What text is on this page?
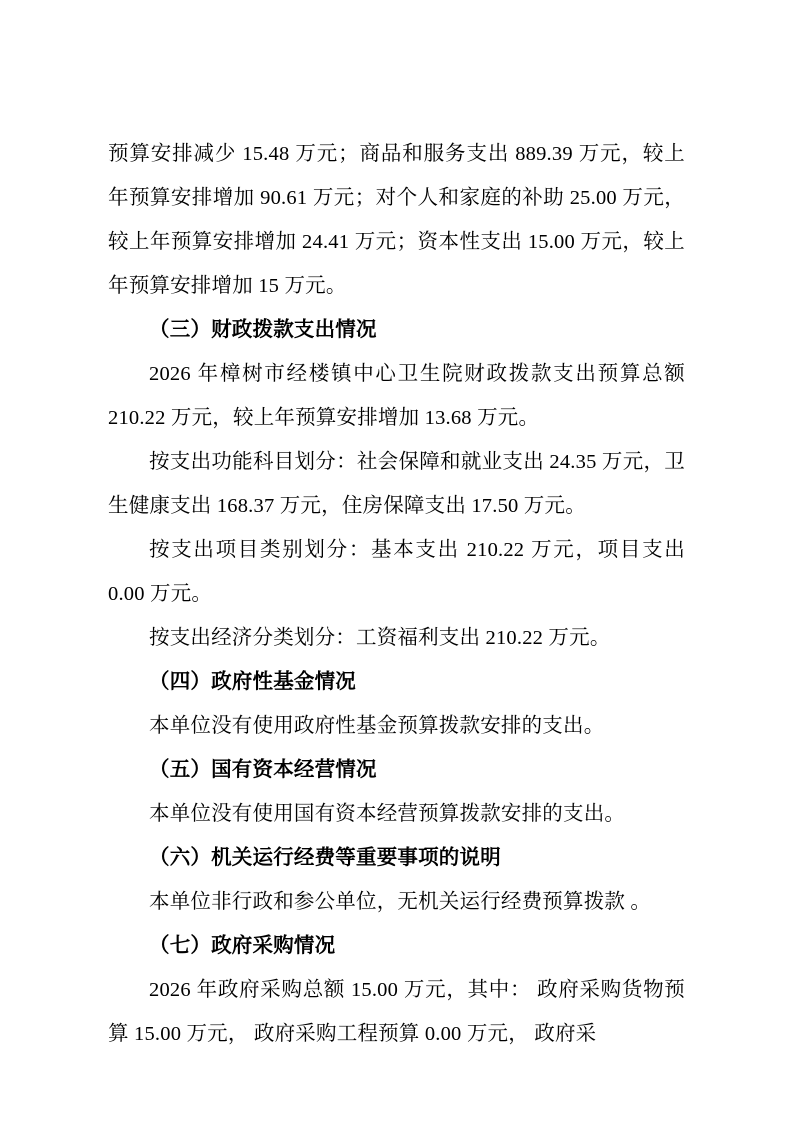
预算安排减少 15.48 万元；商品和服务支出 889.39 万元，较上年预算安排增加 90.61 万元；对个人和家庭的补助 25.00 万元，较上年预算安排增加 24.41 万元；资本性支出 15.00 万元，较上年预算安排增加 15 万元。

（三）财政拨款支出情况

2026 年樟树市经楼镇中心卫生院财政拨款支出预算总额 210.22 万元，较上年预算安排增加 13.68 万元。

按支出功能科目划分：社会保障和就业支出 24.35 万元，卫生健康支出 168.37 万元，住房保障支出 17.50 万元。

按支出项目类别划分：基本支出 210.22 万元，项目支出 0.00 万元。

按支出经济分类划分：工资福利支出 210.22 万元。

（四）政府性基金情况

本单位没有使用政府性基金预算拨款安排的支出。

（五）国有资本经营情况

本单位没有使用国有资本经营预算拨款安排的支出。

（六）机关运行经费等重要事项的说明

本单位非行政和参公单位，无机关运行经费预算拨款 。

（七）政府采购情况

2026 年政府采购总额 15.00 万元，其中： 政府采购货物预算 15.00 万元， 政府采购工程预算 0.00 万元， 政府采
